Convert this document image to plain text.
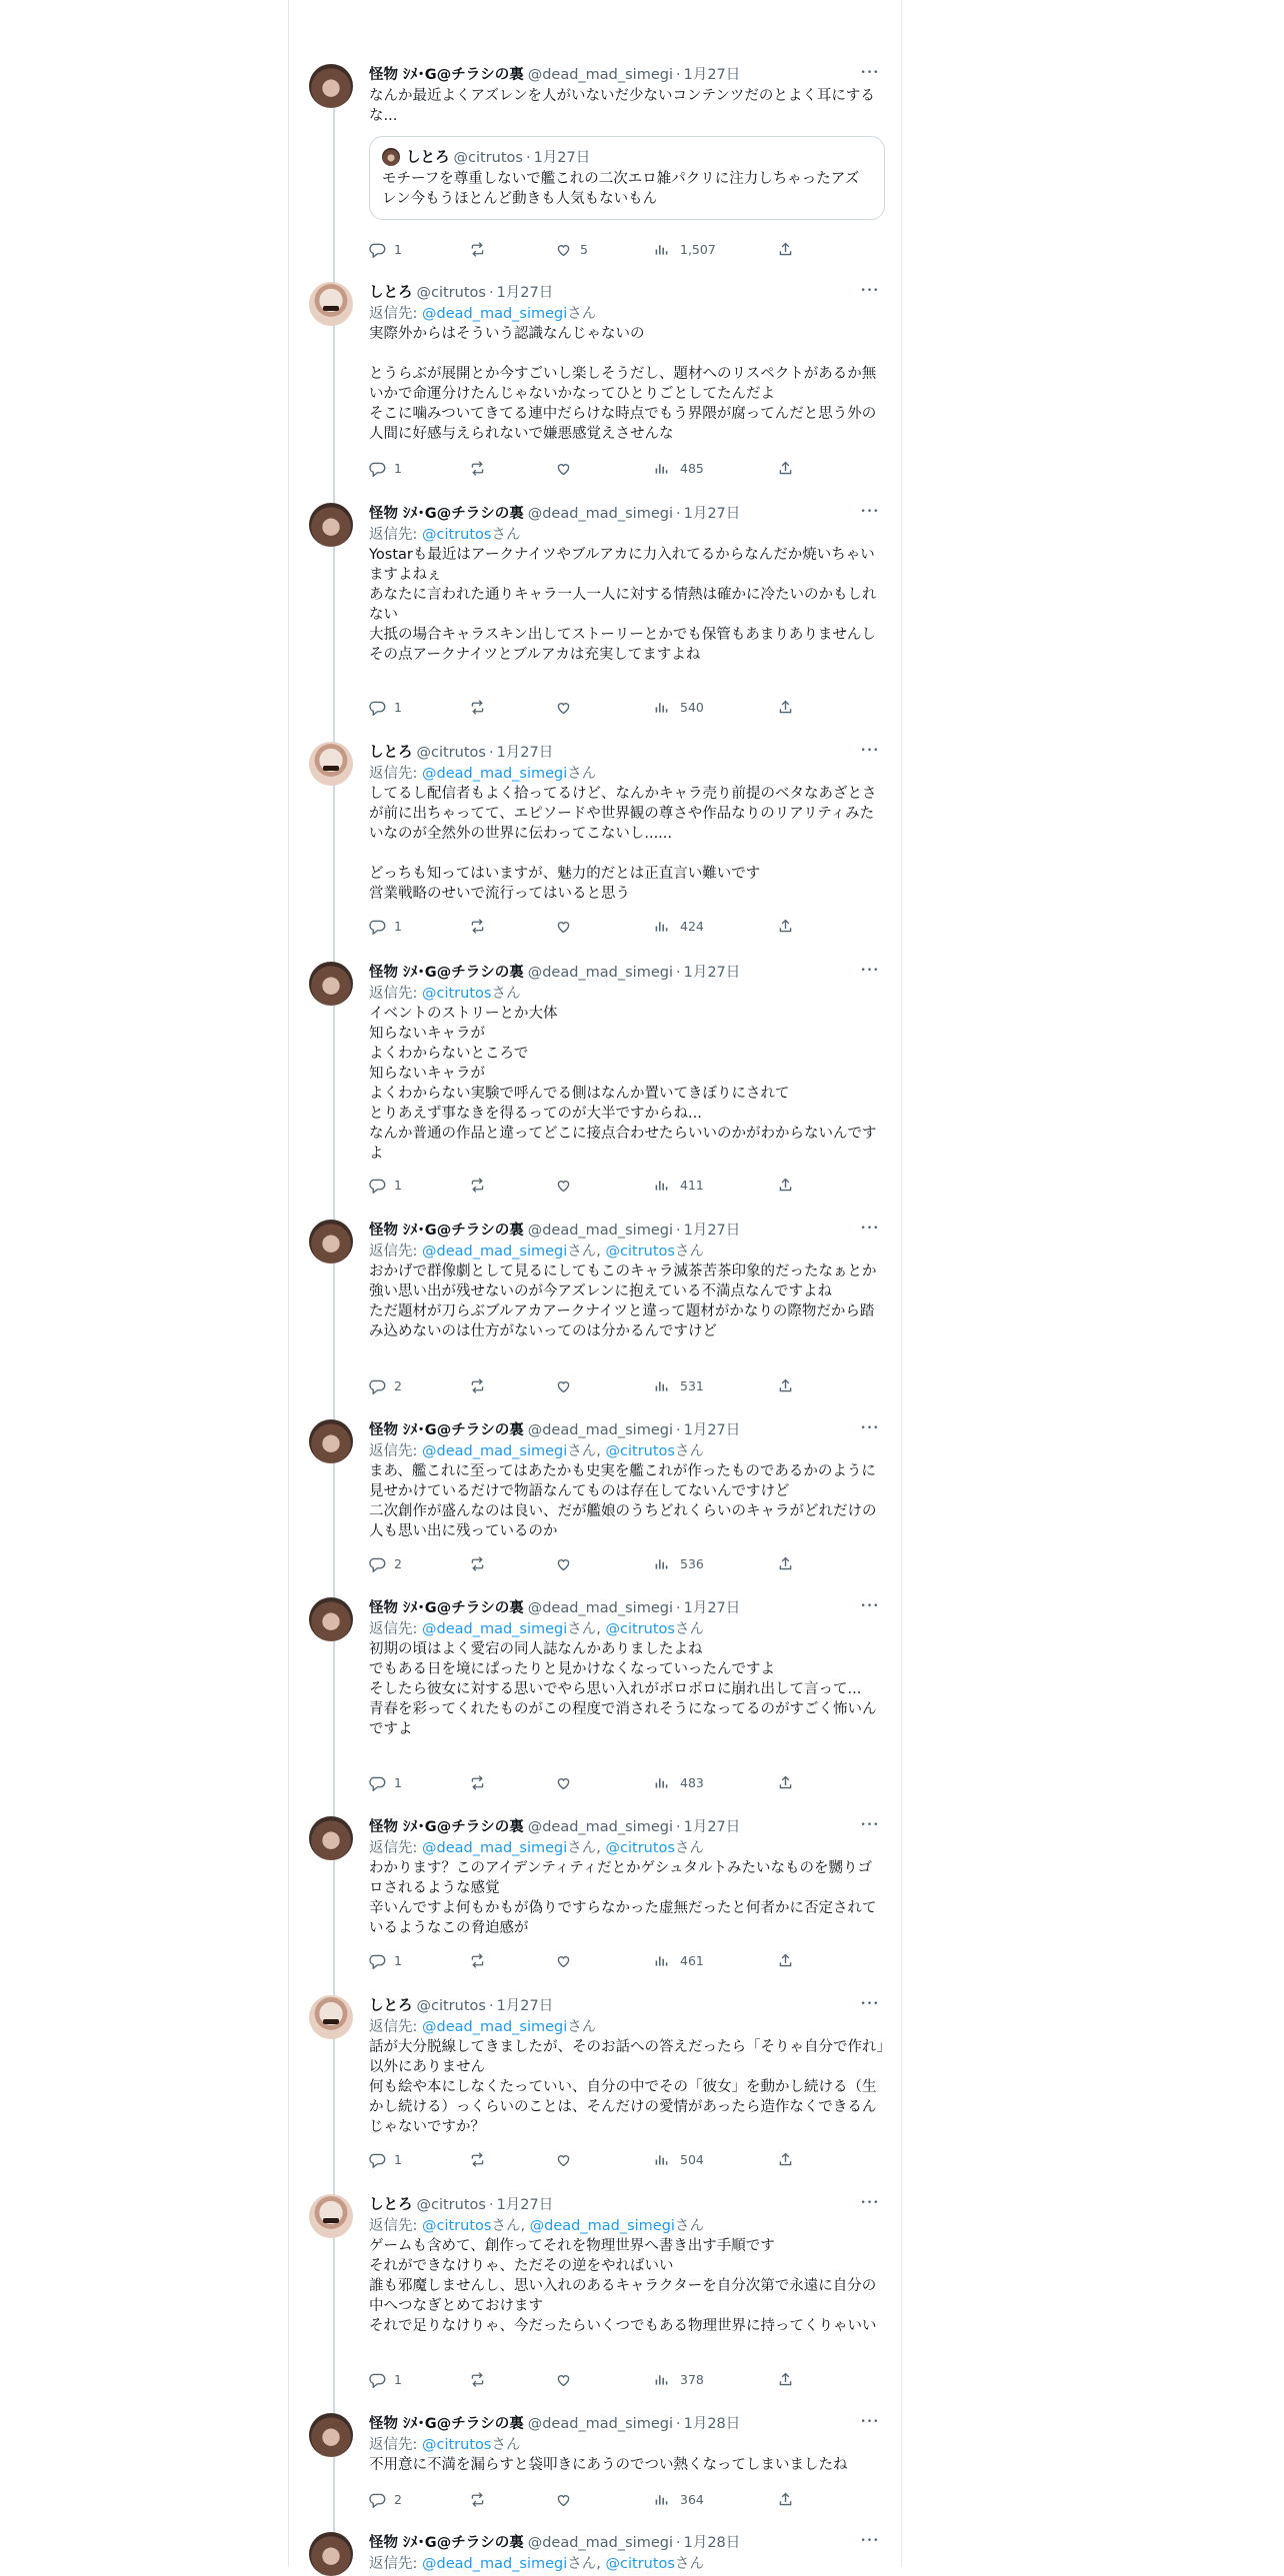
怪物 ｼﾒ･G@チラシの裏 @dead_mad_simegi · 1月27日	•••
なんか最近よくアズレンを人がいないだ少ないコンテンツだのとよく耳にするな...
しとろ @citrutos · 1月27日
モチーフを尊重しないで艦これの二次エロ雑パクリに注力しちゃったアズレン今もうほとんど動きも人気もないもん
1	5	1,507
しとろ @citrutos · 1月27日	•••
返信先: @dead_mad_simegiさん
実際外からはそういう認識なんじゃないの

とうらぶが展開とか今すごいし楽しそうだし、題材へのリスペクトがあるか無いかで命運分けたんじゃないかなってひとりごとしてたんだよ
そこに噛みついてきてる連中だらけな時点でもう界隈が腐ってんだと思う外の人間に好感与えられないで嫌悪感覚えさせんな
1	485
怪物 ｼﾒ･G@チラシの裏 @dead_mad_simegi · 1月27日	•••
返信先: @citrutosさん
Yostarも最近はアークナイツやブルアカに力入れてるからなんだか焼いちゃいますよねぇ
あなたに言われた通りキャラ一人一人に対する情熱は確かに冷たいのかもしれない
大抵の場合キャラスキン出してストーリーとかでも保管もあまりありませんし
その点アークナイツとブルアカは充実してますよね
1	540
しとろ @citrutos · 1月27日	•••
返信先: @dead_mad_simegiさん
してるし配信者もよく拾ってるけど、なんかキャラ売り前提のベタなあざとさが前に出ちゃってて、エピソードや世界観の尊さや作品なりのリアリティみたいなのが全然外の世界に伝わってこないし......

どっちも知ってはいますが、魅力的だとは正直言い難いです
営業戦略のせいで流行ってはいると思う
1	424
怪物 ｼﾒ･G@チラシの裏 @dead_mad_simegi · 1月27日	•••
返信先: @citrutosさん
イベントのストリーとか大体
知らないキャラが
よくわからないところで
知らないキャラが
よくわからない実験で呼んでる側はなんか置いてきぼりにされて
とりあえず事なきを得るってのが大半ですからね...
なんか普通の作品と違ってどこに接点合わせたらいいのかがわからないんですよ
1	411
怪物 ｼﾒ･G@チラシの裏 @dead_mad_simegi · 1月27日	•••
返信先: @dead_mad_simegiさん, @citrutosさん
おかげで群像劇として見るにしてもこのキャラ滅茶苦茶印象的だったなぁとか強い思い出が残せないのが今アズレンに抱えている不満点なんですよね
ただ題材が刀らぶブルアカアークナイツと違って題材がかなりの際物だから踏み込めないのは仕方がないってのは分かるんですけど
2	531
怪物 ｼﾒ･G@チラシの裏 @dead_mad_simegi · 1月27日	•••
返信先: @dead_mad_simegiさん, @citrutosさん
まあ、艦これに至ってはあたかも史実を艦これが作ったものであるかのように見せかけているだけで物語なんてものは存在してないんですけど
二次創作が盛んなのは良い、だが艦娘のうちどれくらいのキャラがどれだけの人も思い出に残っているのか
2	536
怪物 ｼﾒ･G@チラシの裏 @dead_mad_simegi · 1月27日	•••
返信先: @dead_mad_simegiさん, @citrutosさん
初期の頃はよく愛宕の同人誌なんかありましたよね
でもある日を境にぱったりと見かけなくなっていったんですよ
そしたら彼女に対する思いでやら思い入れがボロボロに崩れ出して言って...
青春を彩ってくれたものがこの程度で消されそうになってるのがすごく怖いんですよ
1	483
怪物 ｼﾒ･G@チラシの裏 @dead_mad_simegi · 1月27日	•••
返信先: @dead_mad_simegiさん, @citrutosさん
わかります？このアイデンティティだとかゲシュタルトみたいなものを嬲りゴロされるような感覚
辛いんですよ何もかもが偽りですらなかった虚無だったと何者かに否定されているようなこの脅迫感が
1	461
しとろ @citrutos · 1月27日	•••
返信先: @dead_mad_simegiさん
話が大分脱線してきましたが、そのお話への答えだったら「そりゃ自分で作れ」以外にありません
何も絵や本にしなくたっていい、自分の中でその「彼女」を動かし続ける（生かし続ける）っくらいのことは、そんだけの愛情があったら造作なくできるんじゃないですか？
1	504
しとろ @citrutos · 1月27日	•••
返信先: @citrutosさん, @dead_mad_simegiさん
ゲームも含めて、創作ってそれを物理世界へ書き出す手順です
それができなけりゃ、ただその逆をやればいい
誰も邪魔しませんし、思い入れのあるキャラクターを自分次第で永遠に自分の中へつなぎとめておけます
それで足りなけりゃ、今だったらいくつでもある物理世界に持ってくりゃいい
1	378
怪物 ｼﾒ･G@チラシの裏 @dead_mad_simegi · 1月28日	•••
返信先: @citrutosさん
不用意に不満を漏らすと袋叩きにあうのでつい熱くなってしまいましたね
2	364
怪物 ｼﾒ･G@チラシの裏 @dead_mad_simegi · 1月28日	•••
返信先: @dead_mad_simegiさん, @citrutosさん
